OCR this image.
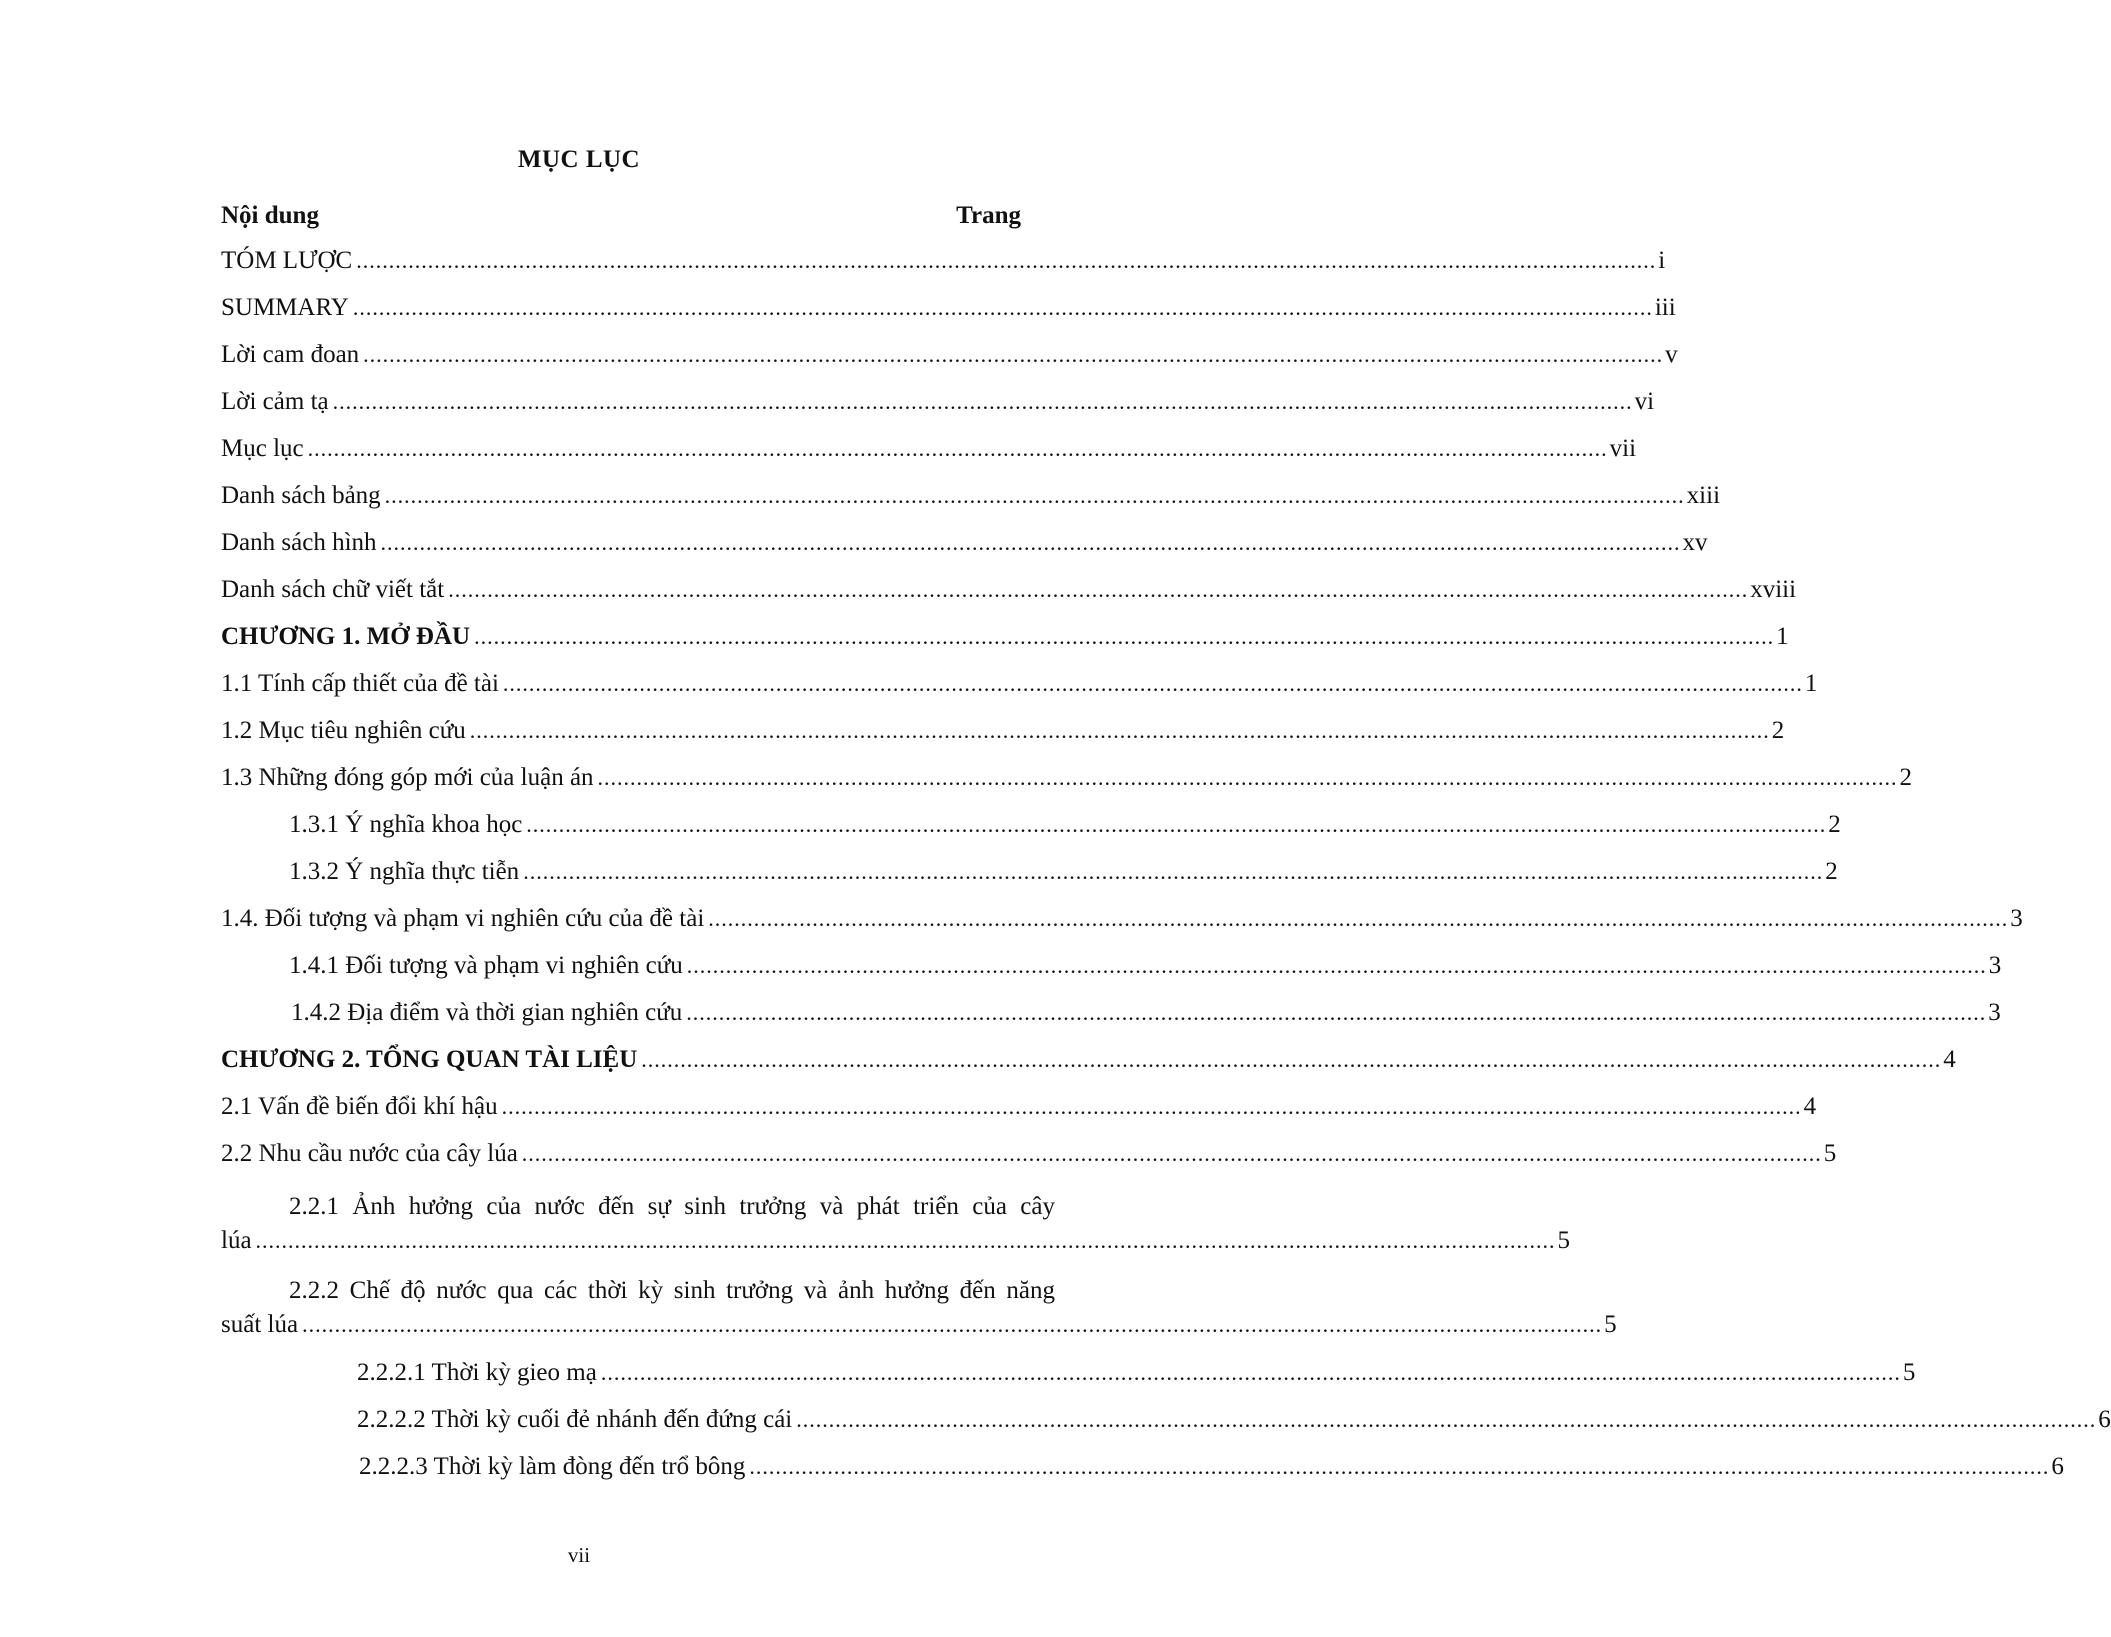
MỤC LỤC
Nội dung	Trang
TÓM LƯỢC ........................................................................................................................................................................................................ i
SUMMARY ........................................................................................................................................................................................................ iii
Lời cam đoan ........................................................................................................................................................................................................ v
Lời cảm tạ ........................................................................................................................................................................................................ vi
Mục lục ........................................................................................................................................................................................................ vii
Danh sách bảng ........................................................................................................................................................................................................ xiii
Danh sách hình ........................................................................................................................................................................................................ xv
Danh sách chữ viết tắt ........................................................................................................................................................................................................ xviii
CHƯƠNG 1. MỞ ĐẦU ........................................................................................................................................................................................................ 1
1.1 Tính cấp thiết của đề tài ........................................................................................................................................................................................................ 1
1.2 Mục tiêu nghiên cứu ........................................................................................................................................................................................................ 2
1.3 Những đóng góp mới của luận án ........................................................................................................................................................................................................ 2
1.3.1 Ý nghĩa khoa học ........................................................................................................................................................................................................ 2
1.3.2 Ý nghĩa thực tiễn ........................................................................................................................................................................................................ 2
1.4. Đối tượng và phạm vi nghiên cứu của đề tài ........................................................................................................................................................................................................ 3
1.4.1 Đối tượng và phạm vi nghiên cứu ........................................................................................................................................................................................................ 3
1.4.2 Địa điểm và thời gian nghiên cứu ........................................................................................................................................................................................................ 3
CHƯƠNG 2. TỔNG QUAN TÀI LIỆU ........................................................................................................................................................................................................ 4
2.1 Vấn đề biến đổi khí hậu ........................................................................................................................................................................................................ 4
2.2 Nhu cầu nước của cây lúa ........................................................................................................................................................................................................ 5
2.2.1 Ảnh hưởng của nước đến sự sinh trưởng và phát triển của cây
lúa ........................................................................................................................................................................................................ 5
2.2.2 Chế độ nước qua các thời kỳ sinh trưởng và ảnh hưởng đến năng
suất lúa ........................................................................................................................................................................................................ 5
2.2.2.1 Thời kỳ gieo mạ ........................................................................................................................................................................................................ 5
2.2.2.2 Thời kỳ cuối đẻ nhánh đến đứng cái ........................................................................................................................................................................................................ 6
2.2.2.3 Thời kỳ làm đòng đến trổ bông ........................................................................................................................................................................................................ 6
vii
